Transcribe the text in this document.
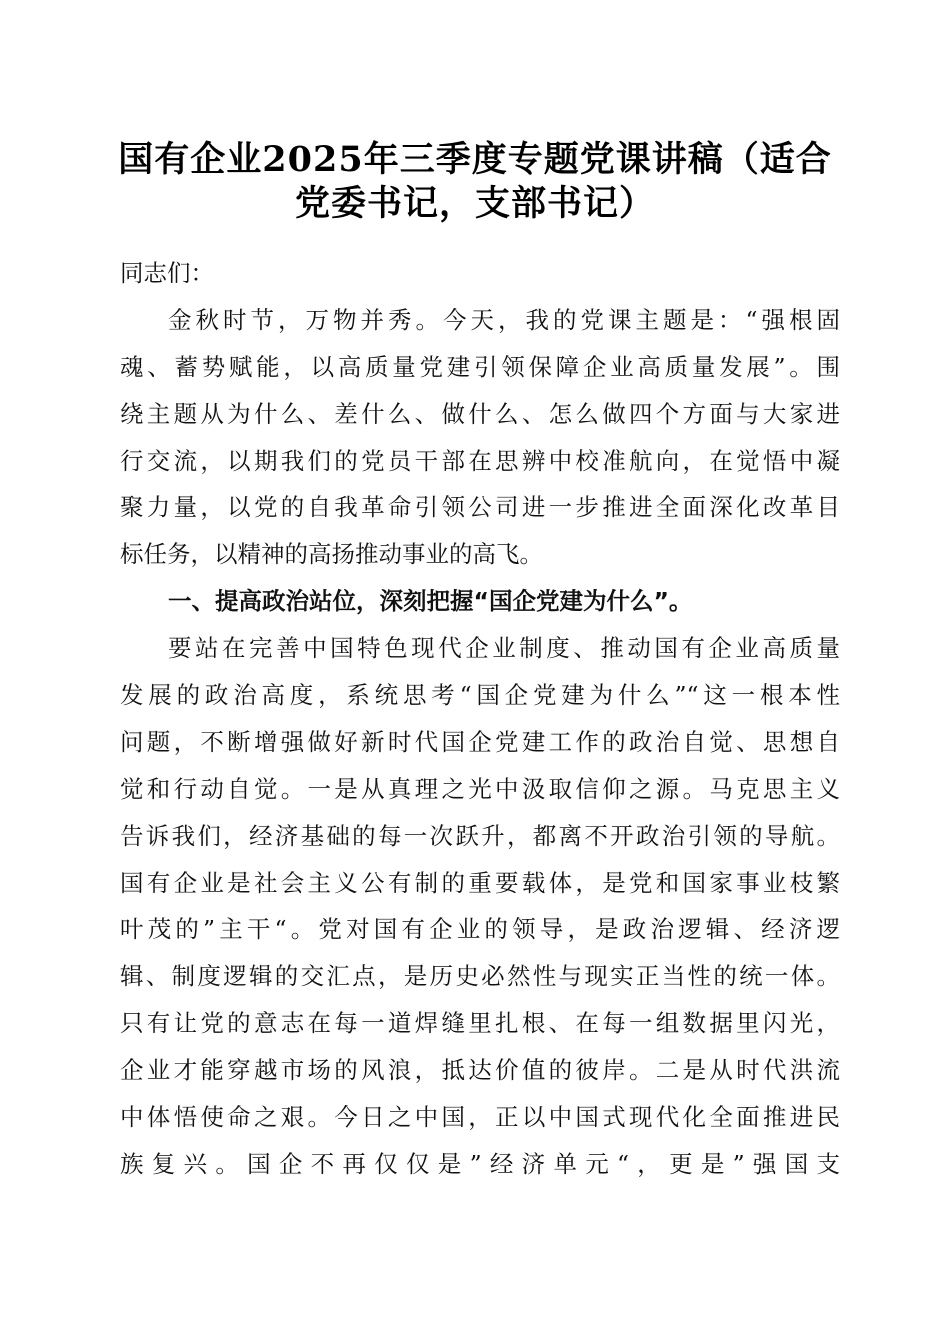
国有企业2025年三季度专题党课讲稿（适合
党委书记，支部书记）
同志们：
金秋时节，万物并秀。今天，我的党课主题是：“强根固
魂、蓄势赋能，以高质量党建引领保障企业高质量发展”。围
绕主题从为什么、差什么、做什么、怎么做四个方面与大家进
行交流，以期我们的党员干部在思辨中校准航向，在觉悟中凝
聚力量，以党的自我革命引领公司进一步推进全面深化改革目
标任务，以精神的高扬推动事业的高飞。
一、提高政治站位，深刻把握“国企党建为什么”。
要站在完善中国特色现代企业制度、推动国有企业高质量
发展的政治高度，系统思考“国企党建为什么”“这一根本性
问题，不断增强做好新时代国企党建工作的政治自觉、思想自
觉和行动自觉。一是从真理之光中汲取信仰之源。马克思主义
告诉我们，经济基础的每一次跃升，都离不开政治引领的导航。
国有企业是社会主义公有制的重要载体，是党和国家事业枝繁
叶茂的”主干“。党对国有企业的领导，是政治逻辑、经济逻
辑、制度逻辑的交汇点，是历史必然性与现实正当性的统一体。
只有让党的意志在每一道焊缝里扎根、在每一组数据里闪光，
企业才能穿越市场的风浪，抵达价值的彼岸。二是从时代洪流
中体悟使命之艰。今日之中国，正以中国式现代化全面推进民
族复兴。国企不再仅仅是”经济单元“，更是”强国支
